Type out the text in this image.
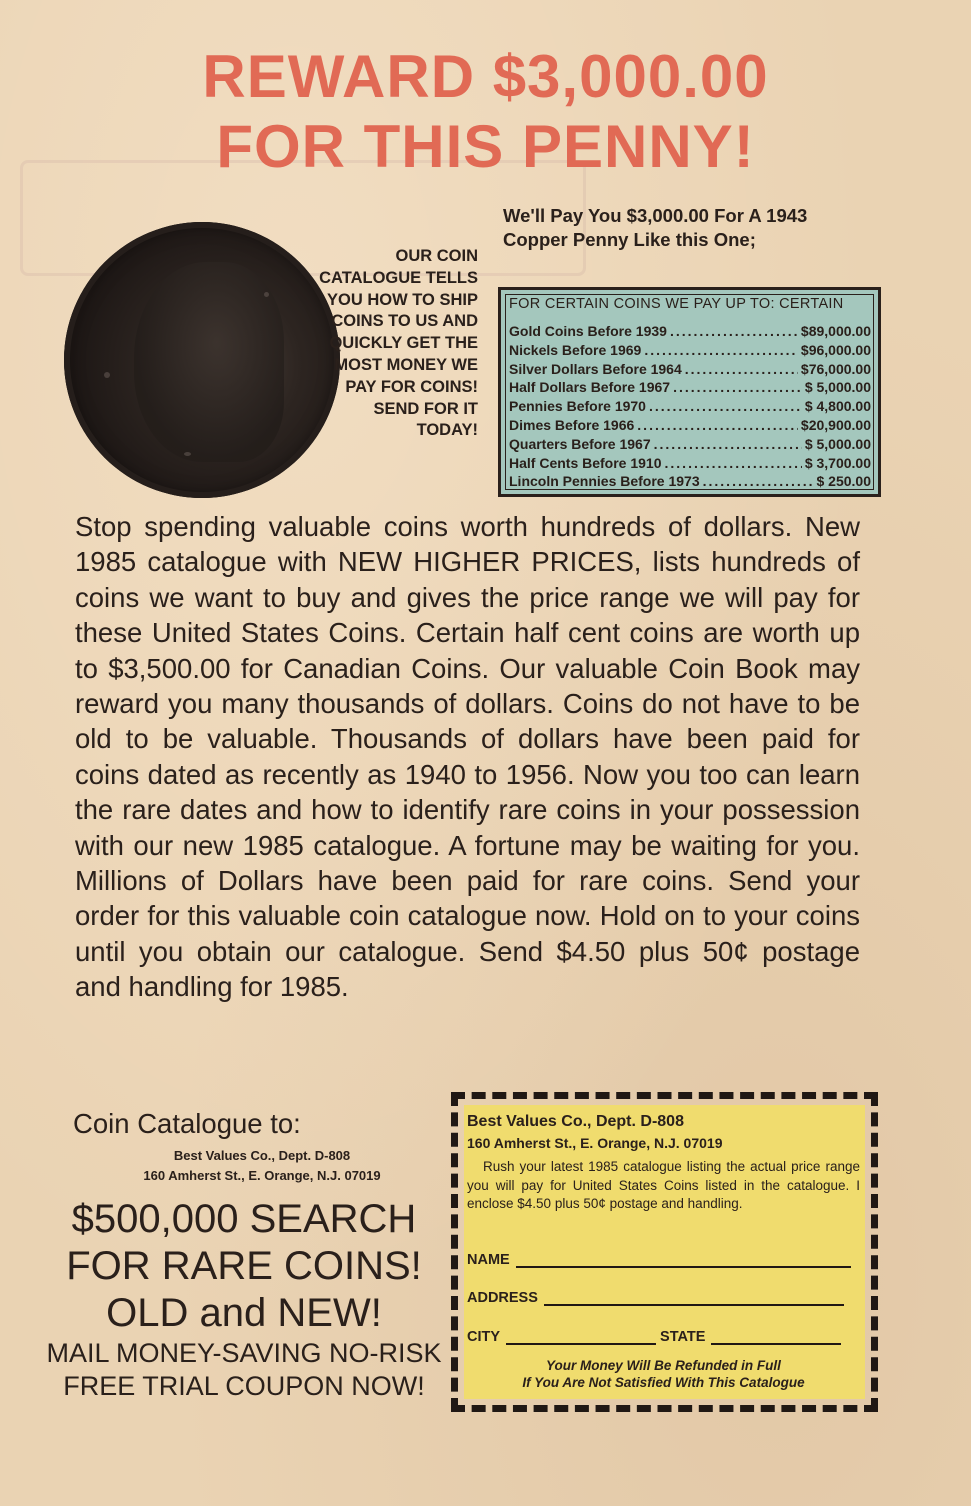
REWARD $3,000.00
FOR THIS PENNY!
OUR COIN CATALOGUE TELLS YOU HOW TO SHIP COINS TO US AND QUICKLY GET THE MOST MONEY WE PAY FOR COINS! SEND FOR IT TODAY!
We'll Pay You $3,000.00 For A 1943 Copper Penny Like this One;
FOR CERTAIN COINS WE PAY UP TO: CERTAIN
Gold Coins Before 1939 .....	$89,000.00
Nickels Before 1969 .....	$96,000.00
Silver Dollars Before 1964 .....	$76,000.00
Half Dollars Before 1967 .....	$ 5,000.00
Pennies Before 1970 .....	$ 4,800.00
Dimes Before 1966 .....	$20,900.00
Quarters Before 1967 .....	$ 5,000.00
Half Cents Before 1910 .....	$ 3,700.00
Lincoln Pennies Before 1973 .....	$ 250.00

Stop spending valuable coins worth hundreds of dollars. New 1985 catalogue with NEW HIGHER PRICES, lists hundreds of coins we want to buy and gives the price range we will pay for these United States Coins. Certain half cent coins are worth up to $3,500.00 for Canadian Coins. Our valuable Coin Book may reward you many thousands of dollars. Coins do not have to be old to be valuable. Thousands of dollars have been paid for coins dated as recently as 1940 to 1956. Now you too can learn the rare dates and how to identify rare coins in your possession with our new 1985 catalogue. A fortune may be waiting for you. Millions of Dollars have been paid for rare coins. Send your order for this valuable coin catalogue now. Hold on to your coins until you obtain our catalogue. Send $4.50 plus 50¢ postage and handling for 1985.

Coin Catalogue to:
Best Values Co., Dept. D-808
160 Amherst St., E. Orange, N.J. 07019
$500,000 SEARCH
FOR RARE COINS!
OLD and NEW!
MAIL MONEY-SAVING NO-RISK
FREE TRIAL COUPON NOW!
Best Values Co., Dept. D-808
160 Amherst St., E. Orange, N.J. 07019
Rush your latest 1985 catalogue listing the actual price range you will pay for United States Coins listed in the catalogue. I enclose $4.50 plus 50¢ postage and handling.
NAME
ADDRESS
CITY	STATE
Your Money Will Be Refunded in Full
If You Are Not Satisfied With This Catalogue
